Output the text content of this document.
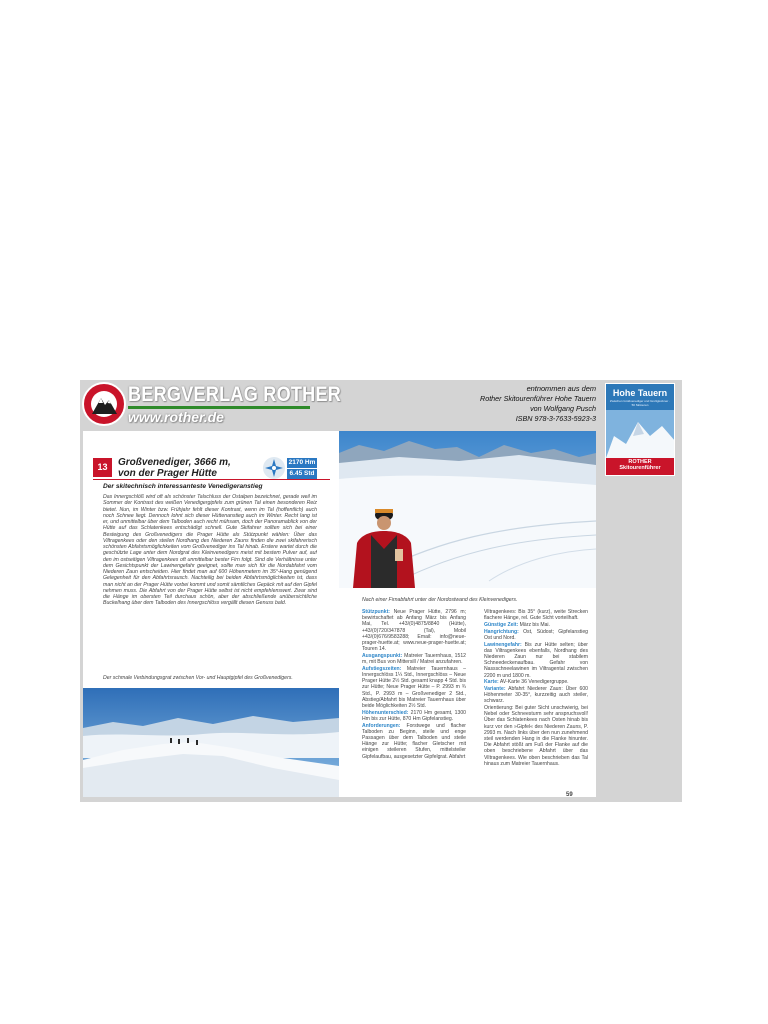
BERGVERLAG ROTHER
www.rother.de
entnommen aus dem
Rother Skitourenführer Hohe Tauern
von Wolfgang Pusch
ISBN 978-3-7633-5923-3
Hohe Tauern
Zwischen Großvenediger und Großglockner · 50 Skitouren
ROTHER
Skitourenführer
13	Großvenediger, 3666 m,
von der Prager Hütte
2170 Hm
6.45 Std
Der skitechnisch interessanteste Venedigeranstieg

Das Innergschlöß wird oft als schönster Talschluss der Ostalpen bezeichnet, gerade weil im Sommer der Kontrast des weißen Venedigergipfels zum grünen Tal einen besonderen Reiz bietet. Nun, im Winter bzw. Frühjahr fehlt dieser Kontrast, wenn im Tal (hoffentlich) auch noch Schnee liegt. Dennoch lohnt sich dieser Hüttenanstieg auch im Winter. Recht lang ist er, und unmittelbar über dem Talboden auch recht mühsam, doch der Panoramablick von der Hütte auf das Schlatenkees entschädigt schnell. Gute Skifahrer sollten sich bei einer Besteigung des Großvenedigers die Prager Hütte als Stützpunkt wählen: Über das Viltragenkees oder den steilen Nordhang des Niederen Zauns finden die zwei skifahrerisch schönsten Abfahrtsmöglichkeiten vom Großvenediger ins Tal hinab. Erstere wartet durch die geschützte Lage unter dem Nordgrat des Kleinvenedigers meist mit bestem Pulver auf, auf den im ostseitigen Viltragenkees oft unmittelbar bester Firn folgt. Sind die Verhältnisse unter dem Gesichtspunkt der Lawinengefahr geeignet, sollte man sich für die Nordabfahrt vom Niederen Zaun entscheiden. Hier findet man auf 600 Höhenmetern im 35°-Hang genügend Gelegenheit für den Abfahrtsrausch. Nachteilig bei beiden Abfahrtsmöglichkeiten ist, dass man nicht an der Prager Hütte vorbei kommt und somit sämtliches Gepäck mit auf den Gipfel nehmen muss. Die Abfahrt von der Prager Hütte selbst ist nicht empfehlenswert. Zwar sind die Hänge im obersten Teil durchaus schön, aber der abschließende unübersichtliche Buckelhang über dem Talboden des Innergschlöss vergällt diesen Genuss bald.

Der schmale Verbindungsgrat zwischen Vor- und Hauptgipfel des Großvenedigers.
Nach einer Firnabfahrt unter der Nordostwand des Kleinvenedigers.

Stützpunkt: Neue Prager Hütte, 2796 m; bewirtschaftet ab Anfang März bis Anfang Mai, Tel. +43/(0)4875/8840 (Hütte), +43/(0)720/347878 (Tal), Mobil +43/(0)676/9583288; Email: info@neue-prager-huette.at; www.neue-prager-huette.at; Touren 14.

Ausgangspunkt: Matreier Tauernhaus, 1512 m, mit Bus von Mittersill / Matrei anzufahren.

Aufstiegszeiten: Matreier Tauernhaus – Innergschlöss 1¼ Std., Innergschlöss – Neue Prager Hütte 2½ Std. gesamt knapp 4 Std. bis zur Hütte; Neue Prager Hütte – P. 2993 m ¾ Std., P. 2993 m – Großvenediger 2 Std., Abstieg/Abfahrt bis Matreier Tauernhaus über beide Möglichkeiten 2½ Std.

Höhenunterschied: 2170 Hm gesamt, 1300 Hm bis zur Hütte, 870 Hm Gipfelanstieg.

Anforderungen: Forstwege und flacher Talboden zu Beginn, steile und enge Passagen über dem Talboden und steile Hänge zur Hütte; flacher Gletscher mit einigen steileren Stufen, mittelsteiler Gipfelaufbau, ausgesetzter Gipfelgrat. Abfahrt

Viltragenkees: Bis 35° (kurz), weite Strecken flachere Hänge, rel. Gute Sicht vorteilhaft.

Günstige Zeit: März bis Mai.

Hangrichtung: Ost, Südost; Gipfelanstieg Ost und Nord.

Lawinengefahr: Bis zur Hütte selten; über das Viltragenkees ebenfalls, Nordhang des Niederen Zaun nur bei stabilem Schneedeckenaufbau. Gefahr von Nassschneelawinen im Viltragental zwischen 2200 m und 1800 m.

Karte: AV-Karte 36 Venedigergruppe.

Variante: Abfahrt Niederer Zaun: Über 600 Höhenmeter 30-35°, kurzzeitig auch steiler, schwarz.

Orientierung: Bei guter Sicht unschwierig, bei Nebel oder Schneesturm sehr anspruchsvoll! Über das Schlatenkees nach Osten hinab bis kurz vor den »Gipfel« des Niederen Zauns, P. 2993 m. Nach links über den nun zunehmend steil werdenden Hang in die Flanke hinunter. Die Abfahrt stößt am Fuß der Flanke auf die oben beschriebene Abfahrt über das Viltragenkees. Wie oben beschrieben das Tal hinaus zum Matreier Tauernhaus.

59
